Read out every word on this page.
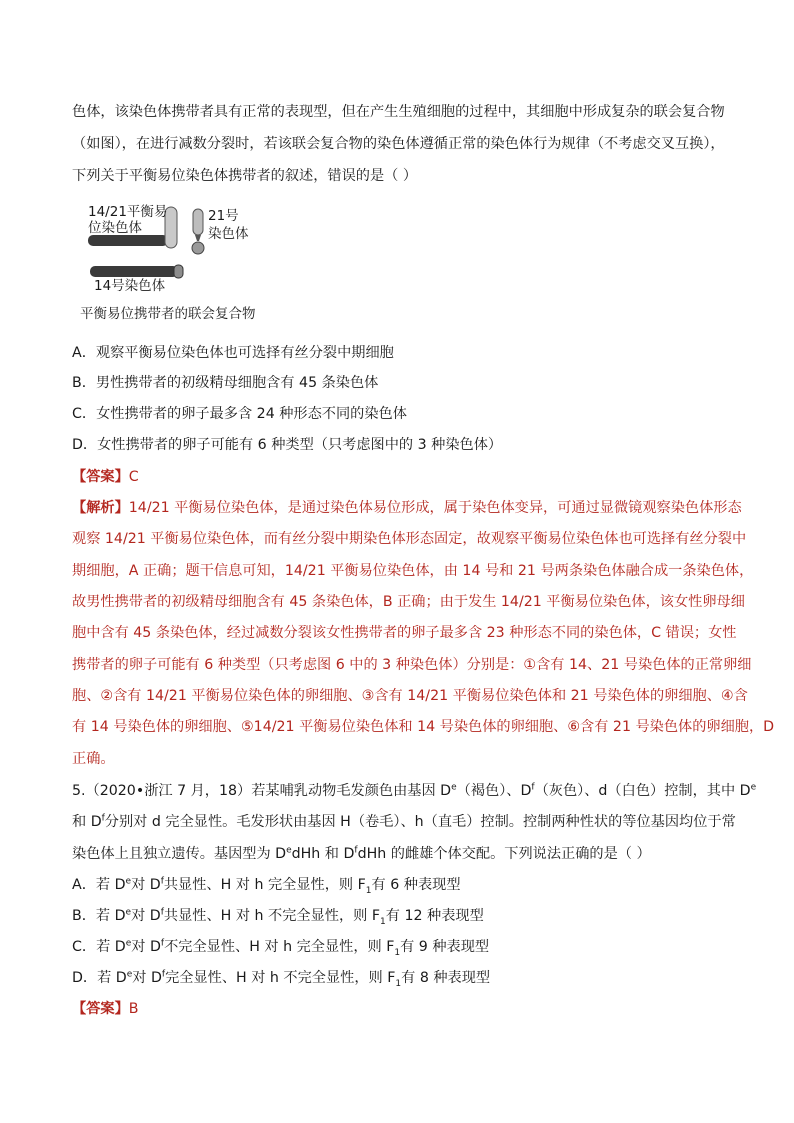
色体，该染色体携带者具有正常的表现型，但在产生生殖细胞的过程中，其细胞中形成复杂的联会复合物
（如图），在进行减数分裂时，若该联会复合物的染色体遵循正常的染色体行为规律（不考虑交叉互换），
下列关于平衡易位染色体携带者的叙述，错误的是（ ）
14/21平衡易
位染色体
21号
染色体
14号染色体
平衡易位携带者的联会复合物
A．观察平衡易位染色体也可选择有丝分裂中期细胞
B．男性携带者的初级精母细胞含有 45 条染色体
C．女性携带者的卵子最多含 24 种形态不同的染色体
D．女性携带者的卵子可能有 6 种类型（只考虑图中的 3 种染色体）
【答案】C
【解析】14/21 平衡易位染色体，是通过染色体易位形成，属于染色体变异，可通过显微镜观察染色体形态
观察 14/21 平衡易位染色体，而有丝分裂中期染色体形态固定，故观察平衡易位染色体也可选择有丝分裂中
期细胞，A 正确；题干信息可知，14/21 平衡易位染色体，由 14 号和 21 号两条染色体融合成一条染色体，
故男性携带者的初级精母细胞含有 45 条染色体，B 正确；由于发生 14/21 平衡易位染色体，该女性卵母细
胞中含有 45 条染色体，经过减数分裂该女性携带者的卵子最多含 23 种形态不同的染色体，C 错误；女性
携带者的卵子可能有 6 种类型（只考虑图 6 中的 3 种染色体）分别是：①含有 14、21 号染色体的正常卵细
胞、②含有 14/21 平衡易位染色体的卵细胞、③含有 14/21 平衡易位染色体和 21 号染色体的卵细胞、④含
有 14 号染色体的卵细胞、⑤14/21 平衡易位染色体和 14 号染色体的卵细胞、⑥含有 21 号染色体的卵细胞，D
正确。
5.（2020•浙江 7 月，18）若某哺乳动物毛发颜色由基因 De（褐色）、$D^f$（灰色）、d（白色）控制，其中 De
和 $D^f$分别对 d 完全显性。毛发形状由基因 H（卷毛）、h（直毛）控制。控制两种性状的等位基因均位于常
染色体上且独立遗传。基因型为 DedHh 和 $D^fdHh$ 的雌雄个体交配。下列说法正确的是（ ）
A．若 De对 $D^f$共显性、H 对 h 完全显性，则 $F_1$有 6 种表现型
B．若 De对 $D^f$共显性、H 对 h 不完全显性，则 $F_1$有 12 种表现型
C．若 De对 $D^f$不完全显性、H 对 h 完全显性，则 $F_1$有 9 种表现型
D．若 De对 $D^f$完全显性、H 对 h 不完全显性，则 $F_1$有 8 种表现型
【答案】B
